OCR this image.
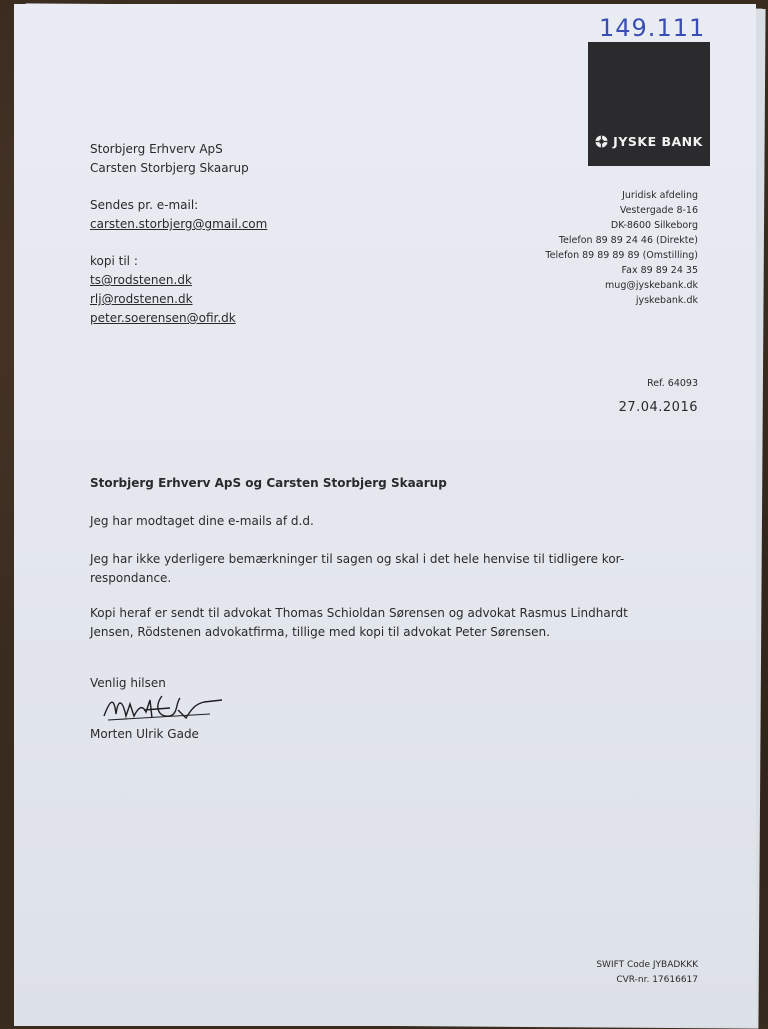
149.111
JYSKE BANK
Storbjerg Erhverv ApS
Carsten Storbjerg Skaarup
Sendes pr. e-mail:
carsten.storbjerg@gmail.com
kopi til :
ts@rodstenen.dk
rlj@rodstenen.dk
peter.soerensen@ofir.dk
Juridisk afdeling
Vestergade 8-16
DK-8600 Silkeborg
Telefon 89 89 24 46 (Direkte)
Telefon 89 89 89 89 (Omstilling)
Fax 89 89 24 35
mug@jyskebank.dk
jyskebank.dk
Ref. 64093
27.04.2016
Storbjerg Erhverv ApS og Carsten Storbjerg Skaarup
Jeg har modtaget dine e-mails af d.d.
Jeg har ikke yderligere bemærkninger til sagen og skal i det hele henvise til tidligere kor-respondance.
Kopi heraf er sendt til advokat Thomas Schioldan Sørensen og advokat Rasmus Lindhardt Jensen, Rödstenen advokatfirma, tillige med kopi til advokat Peter Sørensen.
Venlig hilsen
Morten Ulrik Gade
SWIFT Code JYBADKKK
CVR-nr. 17616617
